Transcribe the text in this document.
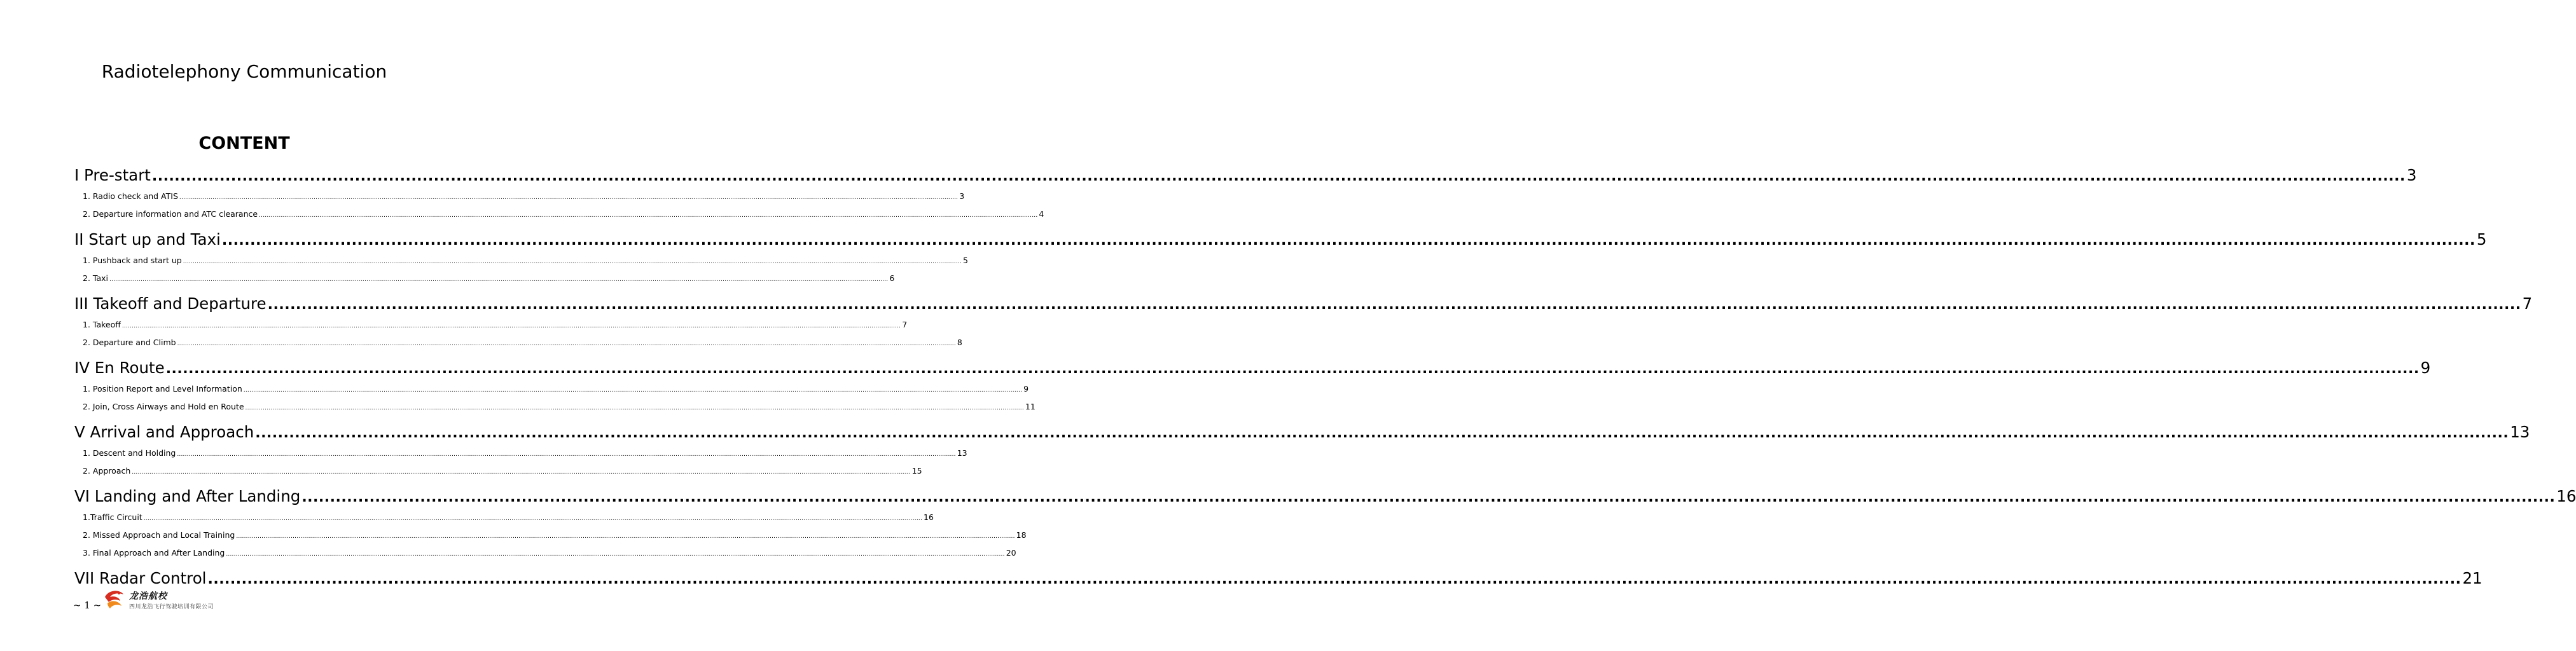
Radiotelephony Communication
CONTENT
I Pre-start ................................................................................................................................................................................................................................................................................................................................................................................................................ 3
1. Radio check and ATIS ................................................................................................................................................................................................................................................................................................................................................................................................................ 3
2. Departure information and ATC clearance ................................................................................................................................................................................................................................................................................................................................................................................................................ 4
II Start up and Taxi ................................................................................................................................................................................................................................................................................................................................................................................................................ 5
1. Pushback and start up ................................................................................................................................................................................................................................................................................................................................................................................................................ 5
2. Taxi ................................................................................................................................................................................................................................................................................................................................................................................................................ 6
III Takeoff and Departure ................................................................................................................................................................................................................................................................................................................................................................................................................ 7
1. Takeoff ................................................................................................................................................................................................................................................................................................................................................................................................................ 7
2. Departure and Climb ................................................................................................................................................................................................................................................................................................................................................................................................................ 8
IV En Route ................................................................................................................................................................................................................................................................................................................................................................................................................ 9
1. Position Report and Level Information ................................................................................................................................................................................................................................................................................................................................................................................................................ 9
2. Join, Cross Airways and Hold en Route ................................................................................................................................................................................................................................................................................................................................................................................................................ 11
V Arrival and Approach ................................................................................................................................................................................................................................................................................................................................................................................................................ 13
1. Descent and Holding ................................................................................................................................................................................................................................................................................................................................................................................................................ 13
2. Approach ................................................................................................................................................................................................................................................................................................................................................................................................................ 15
VI Landing and After Landing ................................................................................................................................................................................................................................................................................................................................................................................................................ 16
1.Traffic Circuit ................................................................................................................................................................................................................................................................................................................................................................................................................ 16
2. Missed Approach and Local Training ................................................................................................................................................................................................................................................................................................................................................................................................................ 18
3. Final Approach and After Landing ................................................................................................................................................................................................................................................................................................................................................................................................................ 20
VII Radar Control ................................................................................................................................................................................................................................................................................................................................................................................................................ 21
~ 1 ~
龙浩航校
四川龙浩飞行驾驶培训有限公司
